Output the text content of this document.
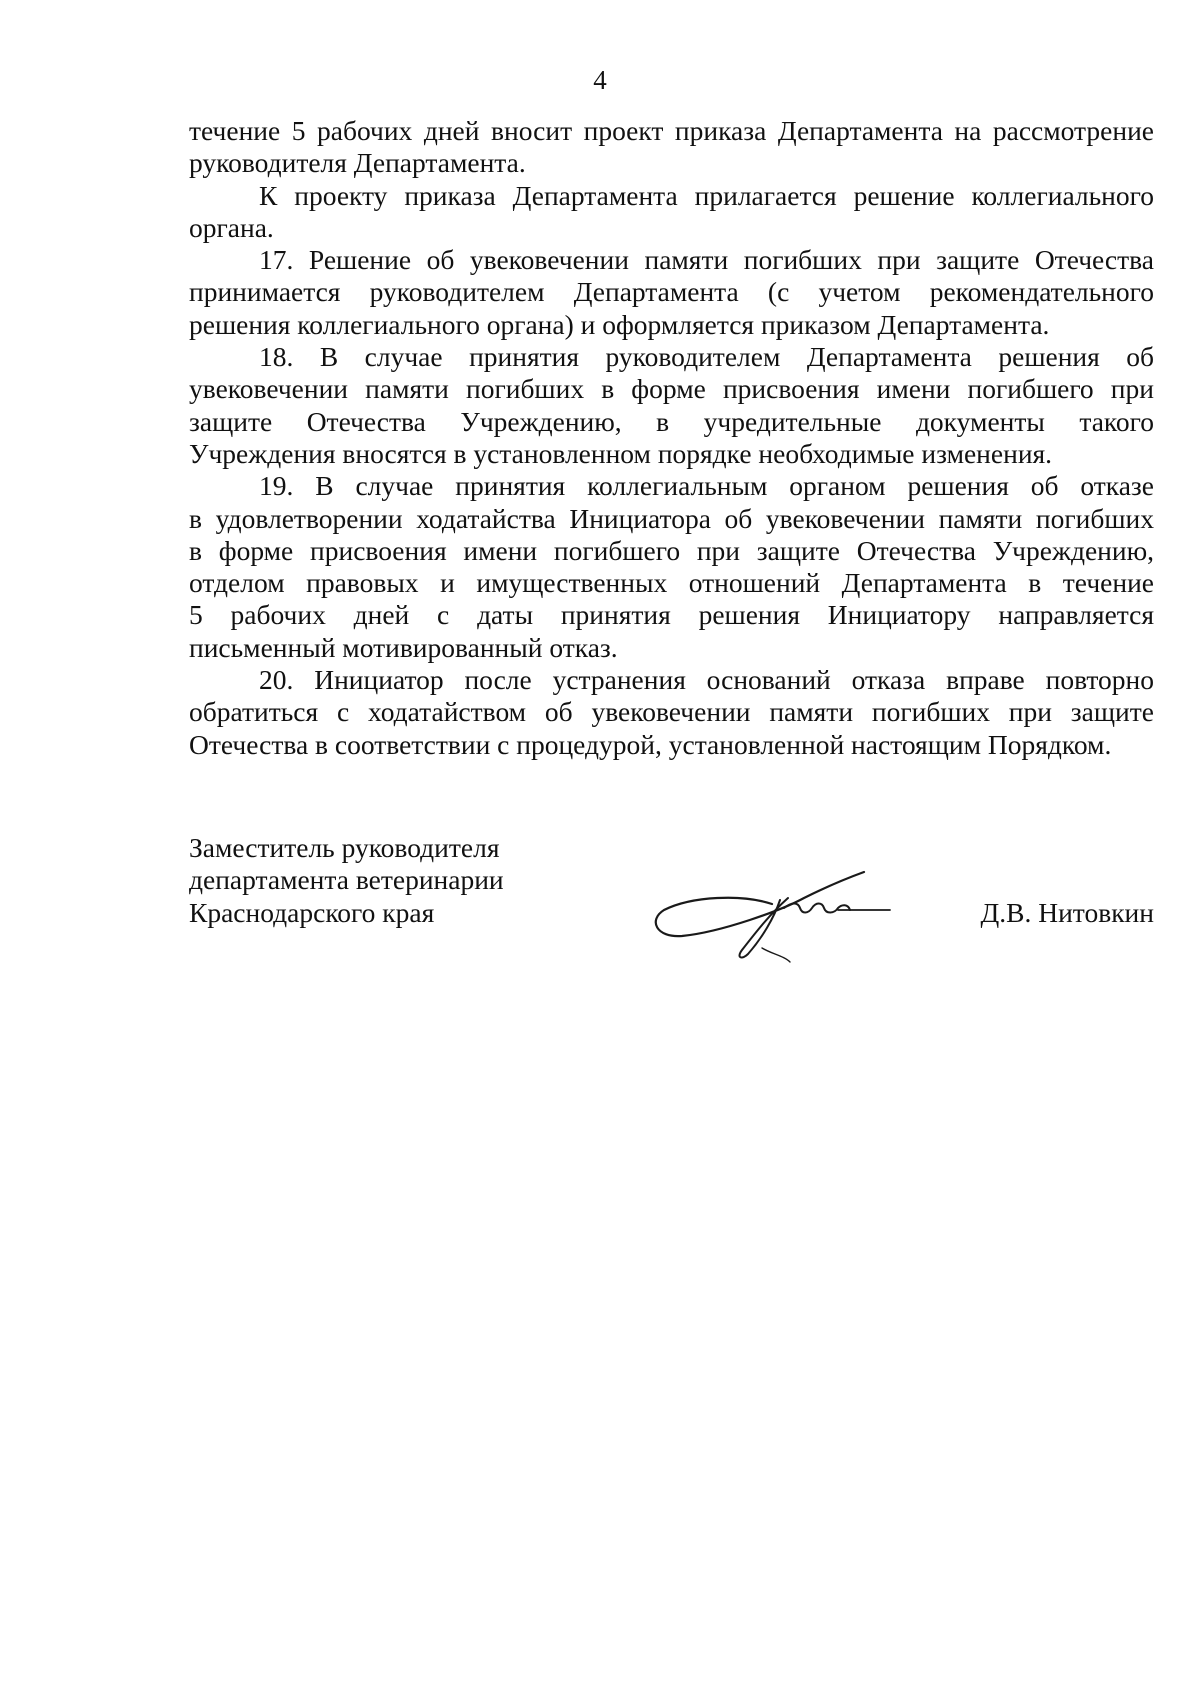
4

течение 5 рабочих дней вносит проект приказа Департамента на рассмотрение

руководителя Департамента.

К проекту приказа Департамента прилагается решение коллегиального

органа.

17. Решение об увековечении памяти погибших при защите Отечества

принимается руководителем Департамента (с учетом рекомендательного

решения коллегиального органа) и оформляется приказом Департамента.

18. В случае принятия руководителем Департамента решения об

увековечении памяти погибших в форме присвоения имени погибшего при

защите Отечества Учреждению, в учредительные документы такого

Учреждения вносятся в установленном порядке необходимые изменения.

19. В случае принятия коллегиальным органом решения об отказе

в удовлетворении ходатайства Инициатора об увековечении памяти погибших

в форме присвоения имени погибшего при защите Отечества Учреждению,

отделом правовых и имущественных отношений Департамента в течение

5 рабочих дней с даты принятия решения Инициатору направляется

письменный мотивированный отказ.

20. Инициатор после устранения оснований отказа вправе повторно

обратиться с ходатайством об увековечении памяти погибших при защите

Отечества в соответствии с процедурой, установленной настоящим Порядком.

Заместитель руководителя
департамента ветеринарии
Краснодарского края	Д.В. Нитовкин
